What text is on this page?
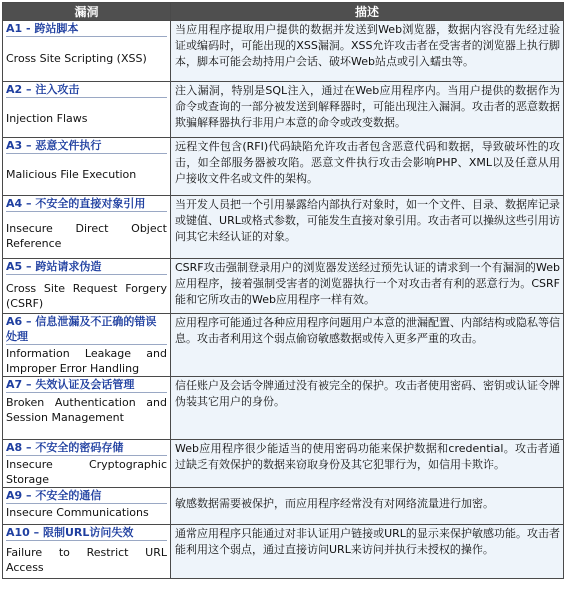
漏洞	描述

A1 - 跨站脚本
Cross Site Scripting (XSS)	当应用程序提取用户提供的数据并发送到Web浏览器，数据内容没有先经过验证或编码时，可能出现的XSS漏洞。XSS允许攻击者在受害者的浏览器上执行脚本，脚本可能会劫持用户会话、破坏Web站点或引入蠕虫等。

A2 – 注入攻击
Injection Flaws	注入漏洞，特别是SQL注入，通过在Web应用程序内。当用户提供的数据作为命令或查询的一部分被发送到解释器时，可能出现注入漏洞。攻击者的恶意数据欺骗解释器执行非用户本意的命令或改变数据。

A3 – 恶意文件执行
Malicious File Execution	远程文件包含(RFI)代码缺陷允许攻击者包含恶意代码和数据，导致破坏性的攻击，如全部服务器被攻陷。恶意文件执行攻击会影响PHP、XML以及任意从用户接收文件名或文件的架构。

A4 – 不安全的直接对象引用
Insecure Direct Object Reference	当开发人员把一个引用暴露给内部执行对象时，如一个文件、目录、数据库记录或键值、URL或格式参数，可能发生直接对象引用。攻击者可以操纵这些引用访问其它未经认证的对象。

A5 – 跨站请求伪造
Cross Site Request Forgery (CSRF)	CSRF攻击强制登录用户的浏览器发送经过预先认证的请求到一个有漏洞的Web应用程序，接着强制受害者的浏览器执行一个对攻击者有利的恶意行为。CSRF能和它所攻击的Web应用程序一样有效。

A6 – 信息泄漏及不正确的错误处理
Information Leakage and Improper Error Handling	应用程序可能通过各种应用程序问题用户本意的泄漏配置、内部结构或隐私等信息。攻击者利用这个弱点偷窃敏感数据或传入更多严重的攻击。

A7 – 失效认证及会话管理
Broken Authentication and Session Management	信任账户及会话令牌通过没有被完全的保护。攻击者使用密码、密钥或认证令牌伪装其它用户的身份。

A8 – 不安全的密码存储
Insecure Cryptographic Storage	Web应用程序很少能适当的使用密码功能来保护数据和credential。攻击者通过缺乏有效保护的数据来窃取身份及其它犯罪行为，如信用卡欺诈。

A9 – 不安全的通信
Insecure Communications	敏感数据需要被保护，而应用程序经常没有对网络流量进行加密。

A10 – 限制URL访问失效
Failure to Restrict URL Access	通常应用程序只能通过对非认证用户链接或URL的显示来保护敏感功能。攻击者能利用这个弱点，通过直接访问URL来访问并执行未授权的操作。
